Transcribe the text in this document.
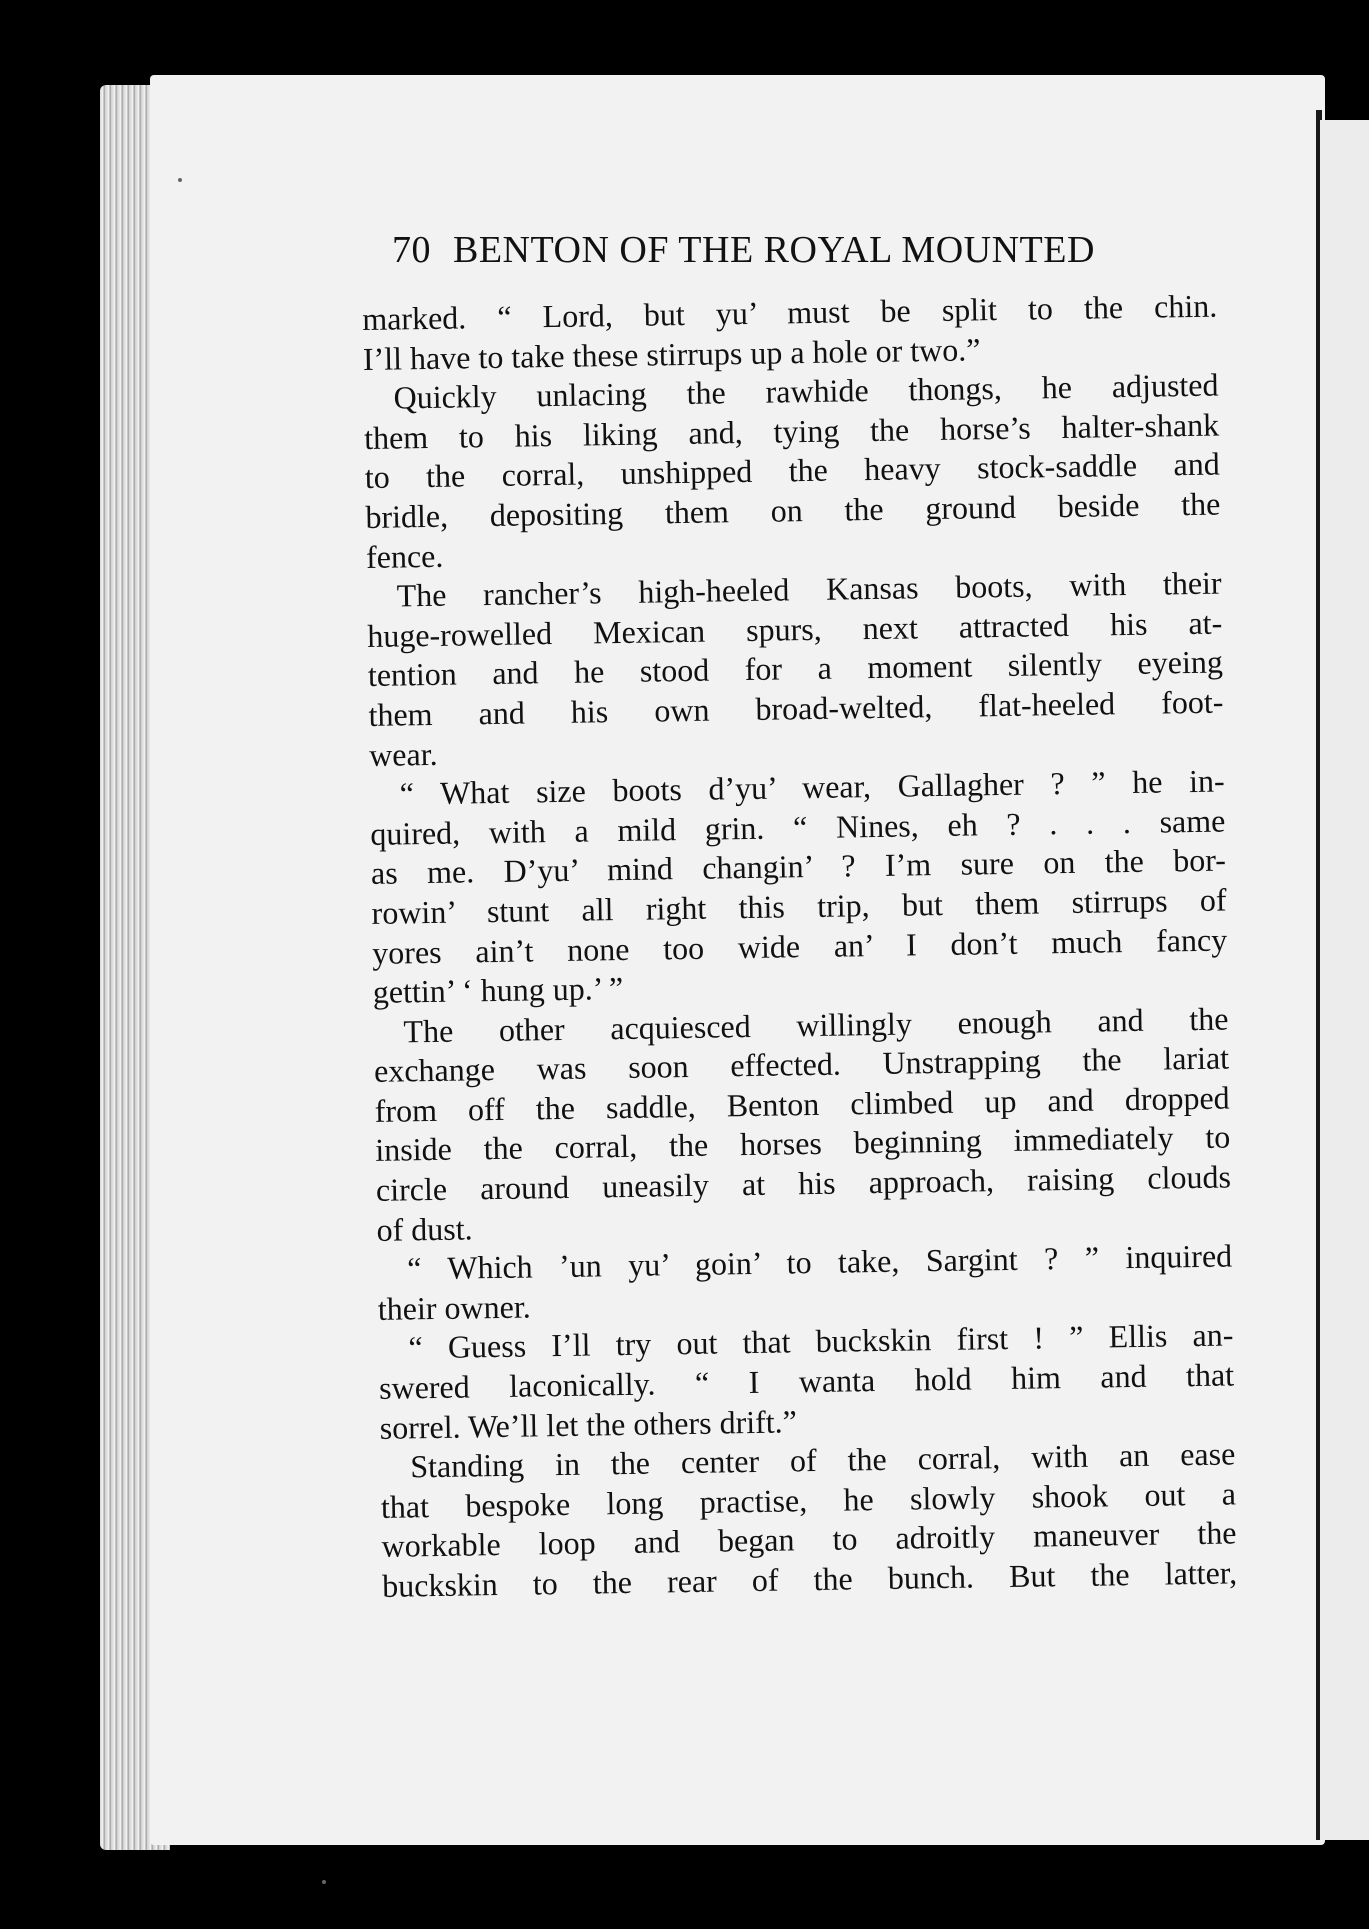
70 BENTON OF THE ROYAL MOUNTED
marked. “ Lord, but yu’ must be split to the chin.
I’ll have to take these stirrups up a hole or two.”
Quickly unlacing the rawhide thongs, he adjusted
them to his liking and, tying the horse’s halter-shank
to the corral, unshipped the heavy stock-saddle and
bridle, depositing them on the ground beside the
fence.
The rancher’s high-heeled Kansas boots, with their
huge-rowelled Mexican spurs, next attracted his at-
tention and he stood for a moment silently eyeing
them and his own broad-welted, flat-heeled foot-
wear.
“ What size boots d’yu’ wear, Gallagher ? ” he in-
quired, with a mild grin. “ Nines, eh ? . . . same
as me. D’yu’ mind changin’ ? I’m sure on the bor-
rowin’ stunt all right this trip, but them stirrups of
yores ain’t none too wide an’ I don’t much fancy
gettin’ ‘ hung up.’ ”
The other acquiesced willingly enough and the
exchange was soon effected. Unstrapping the lariat
from off the saddle, Benton climbed up and dropped
inside the corral, the horses beginning immediately to
circle around uneasily at his approach, raising clouds
of dust.
“ Which ’un yu’ goin’ to take, Sargint ? ” inquired
their owner.
“ Guess I’ll try out that buckskin first ! ” Ellis an-
swered laconically. “ I wanta hold him and that
sorrel. We’ll let the others drift.”
Standing in the center of the corral, with an ease
that bespoke long practise, he slowly shook out a
workable loop and began to adroitly maneuver the
buckskin to the rear of the bunch. But the latter,
